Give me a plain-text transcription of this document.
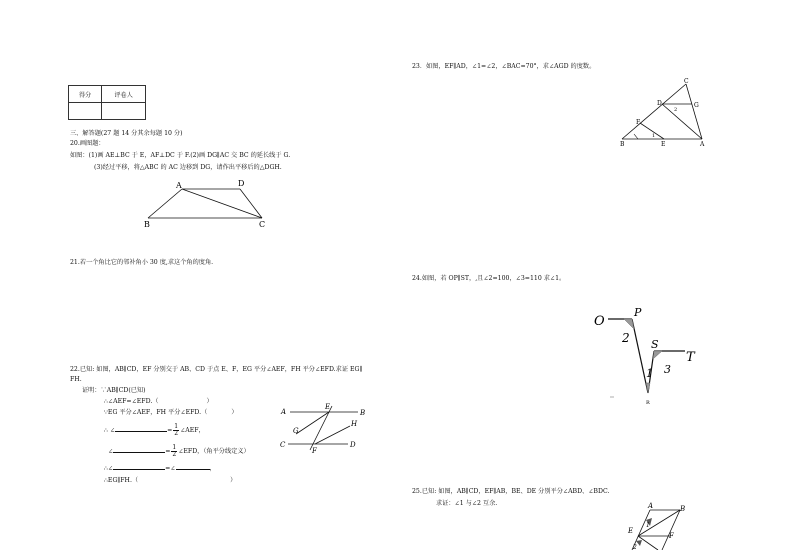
得分	评卷人

三、解答题(27 题 14 分其余每题 10 分)
20.画图题：
如图：(1)画 AE⊥BC 于 E，AF⊥DC 于 F.(2)画 DG∥AC 交 BC 的延长线于 G.
(3)经过平移，将△ABC 的 AC 边移到 DG，请作出平移后的△DGH.
A	D
B	C
21.若一个角比它的邻补角小 30 度,求这个角的度角.
22.已知: 如图，AB∥CD，EF 分别交于 AB、CD 于点 E、F，EG 平分∠AEF，FH 平分∠EFD.求证 EG∥
FH.
证明：∵AB∥CD(已知)
∴∠AEF=∠EFD.（	）
∵EG 平分∠AEF，FH 平分∠EFD.（	）
∴ ∠	= $\frac{1}{2}$ ∠AEF，
∠	= $\frac{1}{2}$ ∠EFD，（角平分线定义）
∴∠	=∠	，
∴EG∥FH.（	）
A
E
B
G
H
C
F
D
23．如图，EF∥AD，∠1=∠2，∠BAC=70°，求∠AGD 的度数。
C
D	G
F
B	E	A
1
2
24.如图，若 OP∥ST，,且∠2=100，∠3=110 求∠1。
O
P
S
T
2
1 3
R
25.已知: 如图，AB∥CD，EF∥AB，BE、DE 分别平分∠ABD、∠BDC.
求证：∠1 与∠2 互余.	A	B
E
F
1
2
